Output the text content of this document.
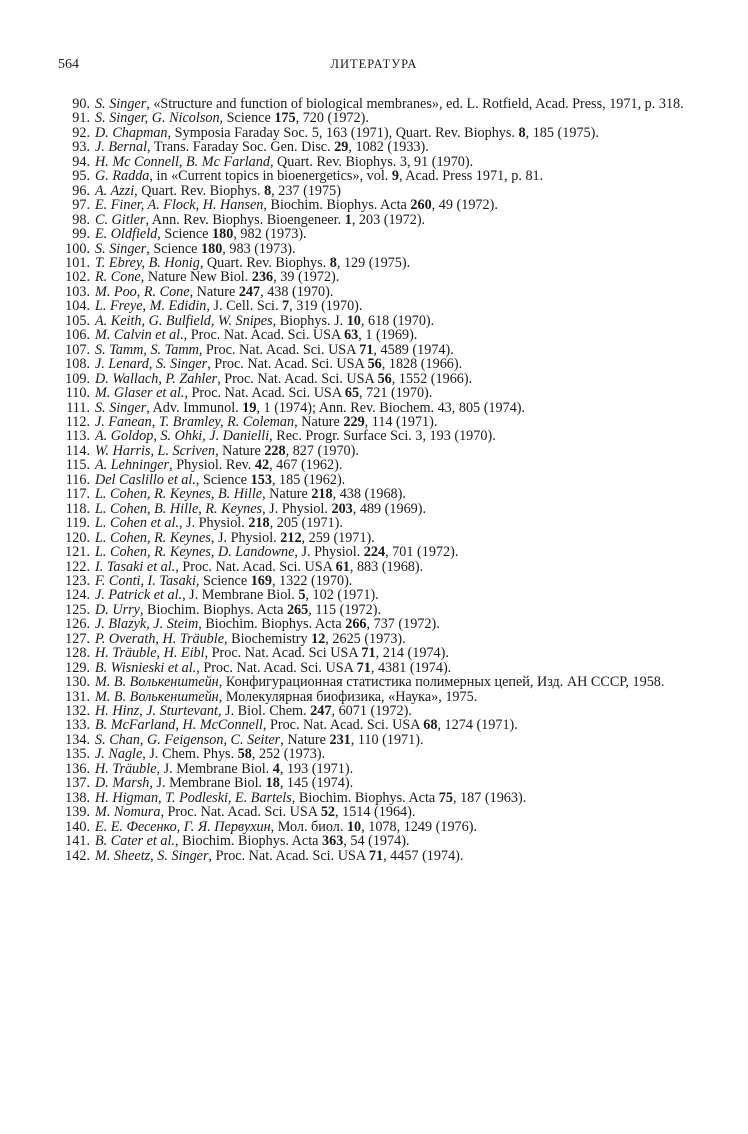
564	ЛИТЕРАТУРА
90. S. Singer, «Structure and function of biological membranes», ed. L. Rotfield, Acad. Press, 1971, p. 318.
91. S. Singer, G. Nicolson, Science 175, 720 (1972).
92. D. Chapman, Symposia Faraday Soc. 5, 163 (1971), Quart. Rev. Biophys. 8, 185 (1975).
93. J. Bernal, Trans. Faraday Soc. Gen. Disc. 29, 1082 (1933).
94. H. Mc Connell, B. Mc Farland, Quart. Rev. Biophys. 3, 91 (1970).
95. G. Radda, in «Current topics in bioenergetics», vol. 9, Acad. Press 1971, p. 81.
96. A. Azzi, Quart. Rev. Biophys. 8, 237 (1975)
97. E. Finer, A. Flock, H. Hansen, Biochim. Biophys. Acta 260, 49 (1972).
98. C. Gitler, Ann. Rev. Biophys. Bioengeneer. 1, 203 (1972).
99. E. Oldfield, Science 180, 982 (1973).
100. S. Singer, Science 180, 983 (1973).
101. T. Ebrey, B. Honig, Quart. Rev. Biophys. 8, 129 (1975).
102. R. Cone, Nature New Biol. 236, 39 (1972).
103. M. Poo, R. Cone, Nature 247, 438 (1970).
104. L. Freye, M. Edidin, J. Cell. Sci. 7, 319 (1970).
105. A. Keith, G. Bulfield, W. Snipes, Biophys. J. 10, 618 (1970).
106. M. Calvin et al., Proc. Nat. Acad. Sci. USA 63, 1 (1969).
107. S. Tamm, S. Tamm, Proc. Nat. Acad. Sci. USA 71, 4589 (1974).
108. J. Lenard, S. Singer, Proc. Nat. Acad. Sci. USA 56, 1828 (1966).
109. D. Wallach, P. Zahler, Proc. Nat. Acad. Sci. USA 56, 1552 (1966).
110. M. Glaser et al., Proc. Nat. Acad. Sci. USA 65, 721 (1970).
111. S. Singer, Adv. Immunol. 19, 1 (1974); Ann. Rev. Biochem. 43, 805 (1974).
112. J. Fanean, T. Bramley, R. Coleman, Nature 229, 114 (1971).
113. A. Goldop, S. Ohki, J. Danielli, Rec. Progr. Surface Sci. 3, 193 (1970).
114. W. Harris, L. Scriven, Nature 228, 827 (1970).
115. A. Lehninger, Physiol. Rev. 42, 467 (1962).
116. Del Caslillo et al., Science 153, 185 (1962).
117. L. Cohen, R. Keynes, B. Hille, Nature 218, 438 (1968).
118. L. Cohen, B. Hille, R. Keynes, J. Physiol. 203, 489 (1969).
119. L. Cohen et al., J. Physiol. 218, 205 (1971).
120. L. Cohen, R. Keynes, J. Physiol. 212, 259 (1971).
121. L. Cohen, R. Keynes, D. Landowne, J. Physiol. 224, 701 (1972).
122. I. Tasaki et al., Proc. Nat. Acad. Sci. USA 61, 883 (1968).
123. F. Conti, I. Tasaki, Science 169, 1322 (1970).
124. J. Patrick et al., J. Membrane Biol. 5, 102 (1971).
125. D. Urry, Biochim. Biophys. Acta 265, 115 (1972).
126. J. Blazyk, J. Steim, Biochim. Biophys. Acta 266, 737 (1972).
127. P. Overath, H. Träuble, Biochemistry 12, 2625 (1973).
128. H. Träuble, H. Eibl, Proc. Nat. Acad. Sci USA 71, 214 (1974).
129. B. Wisnieski et al., Proc. Nat. Acad. Sci. USA 71, 4381 (1974).
130. M. B. Волькенштейн, Конфигурационная статистика полимерных цепей, Изд. АН СССР, 1958.
131. M. B. Волькенштейн, Молекулярная биофизика, «Наука», 1975.
132. H. Hinz, J. Sturtevant, J. Biol. Chem. 247, 6071 (1972).
133. B. McFarland, H. McConnell, Proc. Nat. Acad. Sci. USA 68, 1274 (1971).
134. S. Chan, G. Feigenson, C. Seiter, Nature 231, 110 (1971).
135. J. Nagle, J. Chem. Phys. 58, 252 (1973).
136. H. Träuble, J. Membrane Biol. 4, 193 (1971).
137. D. Marsh, J. Membrane Biol. 18, 145 (1974).
138. H. Higman, T. Podleski, E. Bartels, Biochim. Biophys. Acta 75, 187 (1963).
139. M. Nomura, Proc. Nat. Acad. Sci. USA 52, 1514 (1964).
140. E. E. Фесенко, Г. Я. Первухин, Мол. биол. 10, 1078, 1249 (1976).
141. B. Cater et al., Biochim. Biophys. Acta 363, 54 (1974).
142. M. Sheetz, S. Singer, Proc. Nat. Acad. Sci. USA 71, 4457 (1974).
